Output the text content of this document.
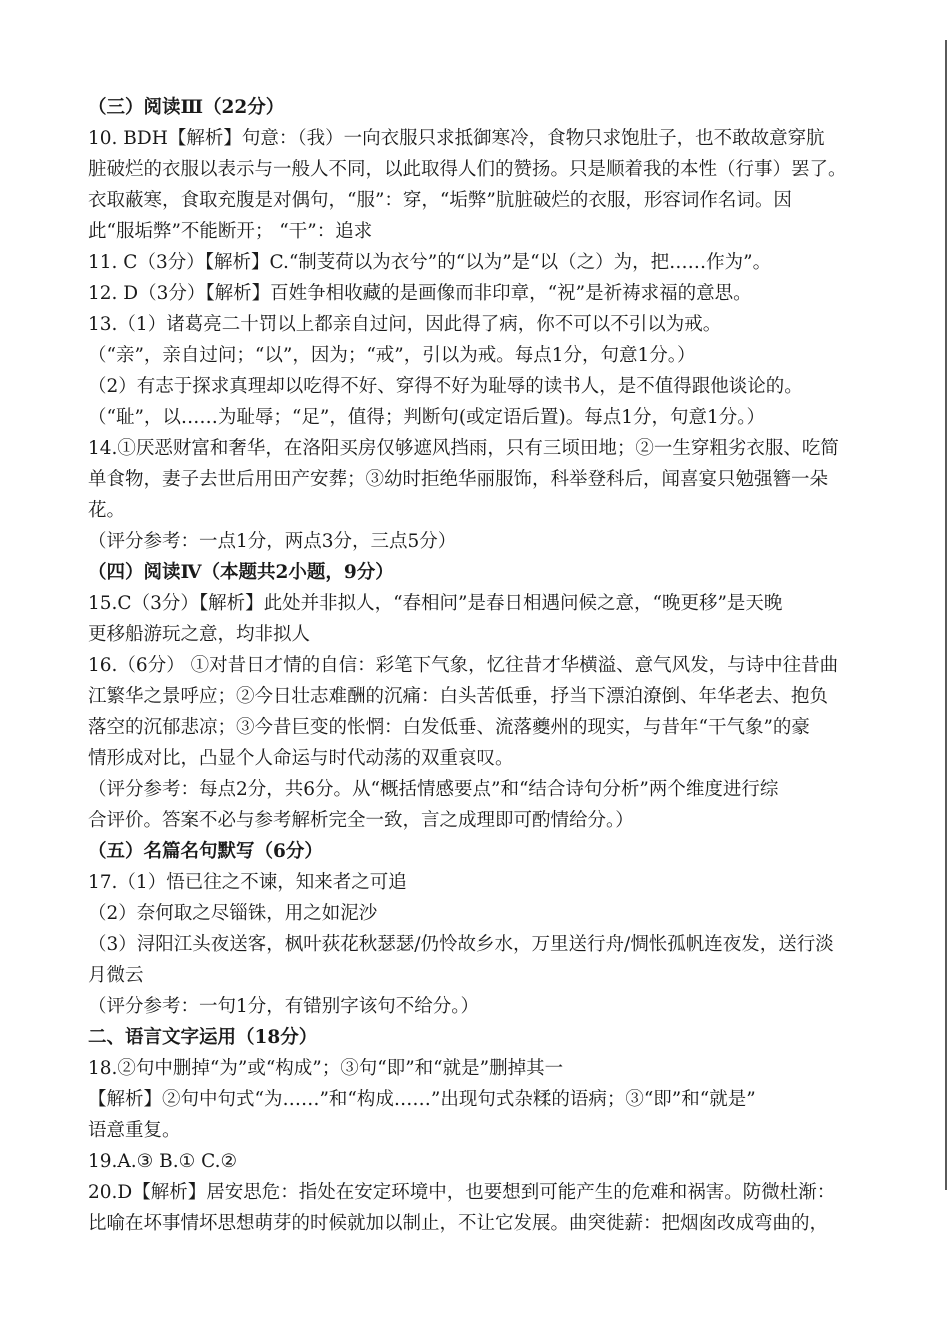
（三）阅读Ⅲ（22分）
10. BDH【解析】句意：（我）一向衣服只求抵御寒冷，食物只求饱肚子，也不敢故意穿肮
脏破烂的衣服以表示与一般人不同，以此取得人们的赞扬。只是顺着我的本性（行事）罢了。
衣取蔽寒，食取充腹是对偶句，“服”：穿，“垢弊”肮脏破烂的衣服，形容词作名词。因
此“服垢弊”不能断开； “干”：追求
11. C（3分）【解析】C.“制芰荷以为衣兮”的“以为”是“以（之）为，把……作为”。
12. D（3分）【解析】百姓争相收藏的是画像而非印章，“祝”是祈祷求福的意思。
13.（1）诸葛亮二十罚以上都亲自过问，因此得了病，你不可以不引以为戒。
（“亲”，亲自过问；“以”，因为；“戒”，引以为戒。每点1分，句意1分。）
（2）有志于探求真理却以吃得不好、穿得不好为耻辱的读书人，是不值得跟他谈论的。
（“耻”，以……为耻辱；“足”，值得；判断句(或定语后置)。每点1分，句意1分。）
14.①厌恶财富和奢华，在洛阳买房仅够遮风挡雨，只有三顷田地；②一生穿粗劣衣服、吃简
单食物，妻子去世后用田产安葬；③幼时拒绝华丽服饰，科举登科后，闻喜宴只勉强簪一朵
花。
（评分参考：一点1分，两点3分，三点5分）
（四）阅读Ⅳ（本题共2小题，9分）
15.C（3分）【解析】此处并非拟人，“春相问”是春日相遇问候之意，“晚更移”是天晚
更移船游玩之意，均非拟人
16.（6分） ①对昔日才情的自信：彩笔下气象，忆往昔才华横溢、意气风发，与诗中往昔曲
江繁华之景呼应；②今日壮志难酬的沉痛：白头苦低垂，抒当下漂泊潦倒、年华老去、抱负
落空的沉郁悲凉；③今昔巨变的怅惘：白发低垂、流落夔州的现实，与昔年“干气象”的豪
情形成对比，凸显个人命运与时代动荡的双重哀叹。
（评分参考：每点2分，共6分。从“概括情感要点”和“结合诗句分析”两个维度进行综
合评价。答案不必与参考解析完全一致，言之成理即可酌情给分。）
（五）名篇名句默写（6分）
17.（1）悟已往之不谏，知来者之可追
（2）奈何取之尽锱铢，用之如泥沙
（3）浔阳江头夜送客，枫叶荻花秋瑟瑟/仍怜故乡水，万里送行舟/惆怅孤帆连夜发，送行淡
月微云
（评分参考：一句1分，有错别字该句不给分。）
二、语言文字运用（18分）
18.②句中删掉“为”或“构成”；③句“即”和“就是”删掉其一
【解析】②句中句式“为……”和“构成……”出现句式杂糅的语病；③“即”和“就是”
语意重复。
19.A.③ B.① C.②
20.D【解析】居安思危：指处在安定环境中，也要想到可能产生的危难和祸害。防微杜渐：
比喻在坏事情坏思想萌芽的时候就加以制止，不让它发展。曲突徙薪：把烟囱改成弯曲的，
